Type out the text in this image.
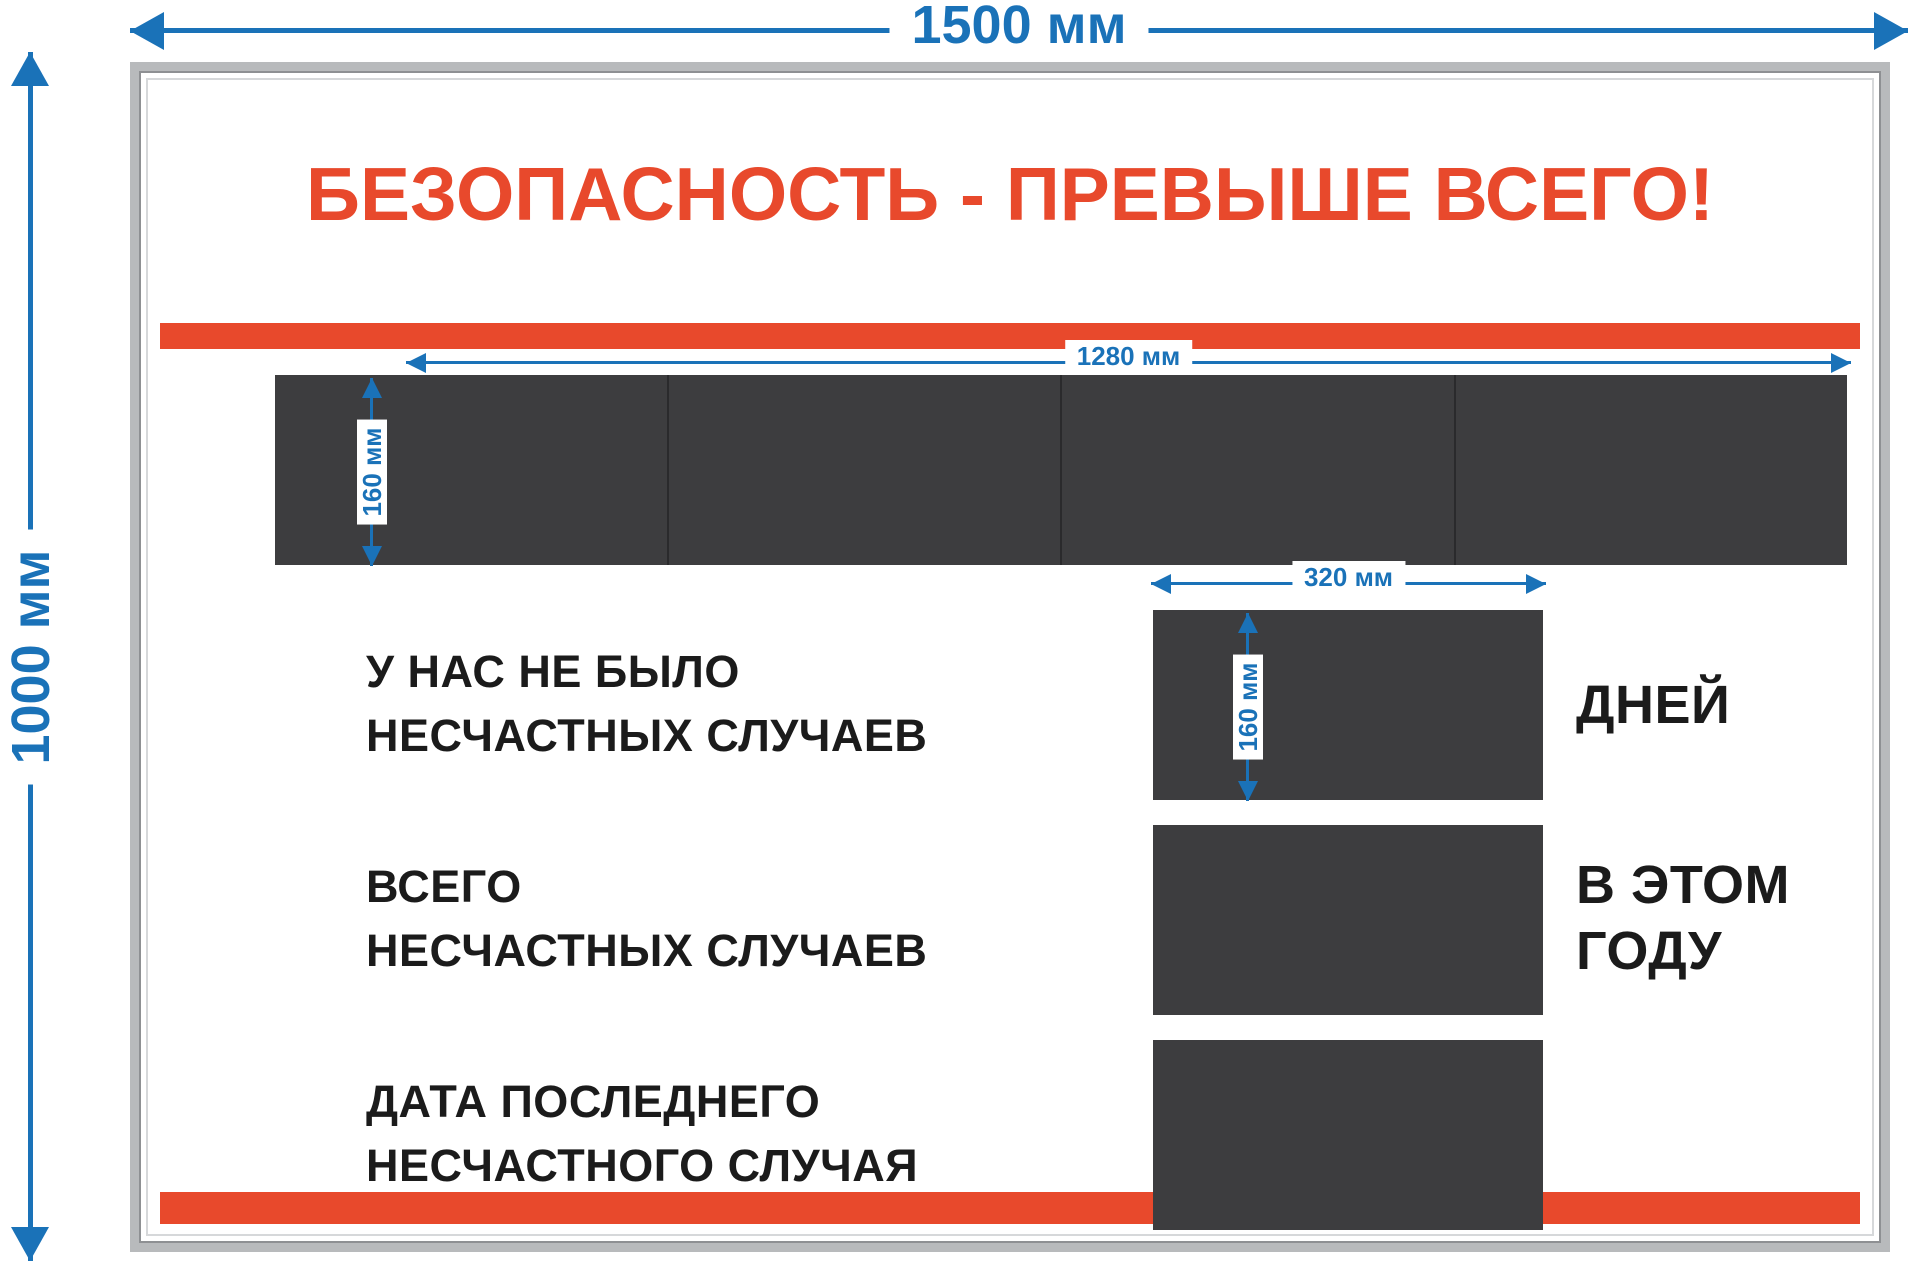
1500 мм
1000 мм
БЕЗОПАСНОСТЬ - ПРЕВЫШЕ ВСЕГО!
У НАС НЕ БЫЛО
НЕСЧАСТНЫХ СЛУЧАЕВ
ВСЕГО
НЕСЧАСТНЫХ СЛУЧАЕВ
ДАТА ПОСЛЕДНЕГО
НЕСЧАСТНОГО СЛУЧАЯ
ДНЕЙ
В ЭТОМ
ГОДУ
1280 мм
320 мм
160 мм
160 мм
